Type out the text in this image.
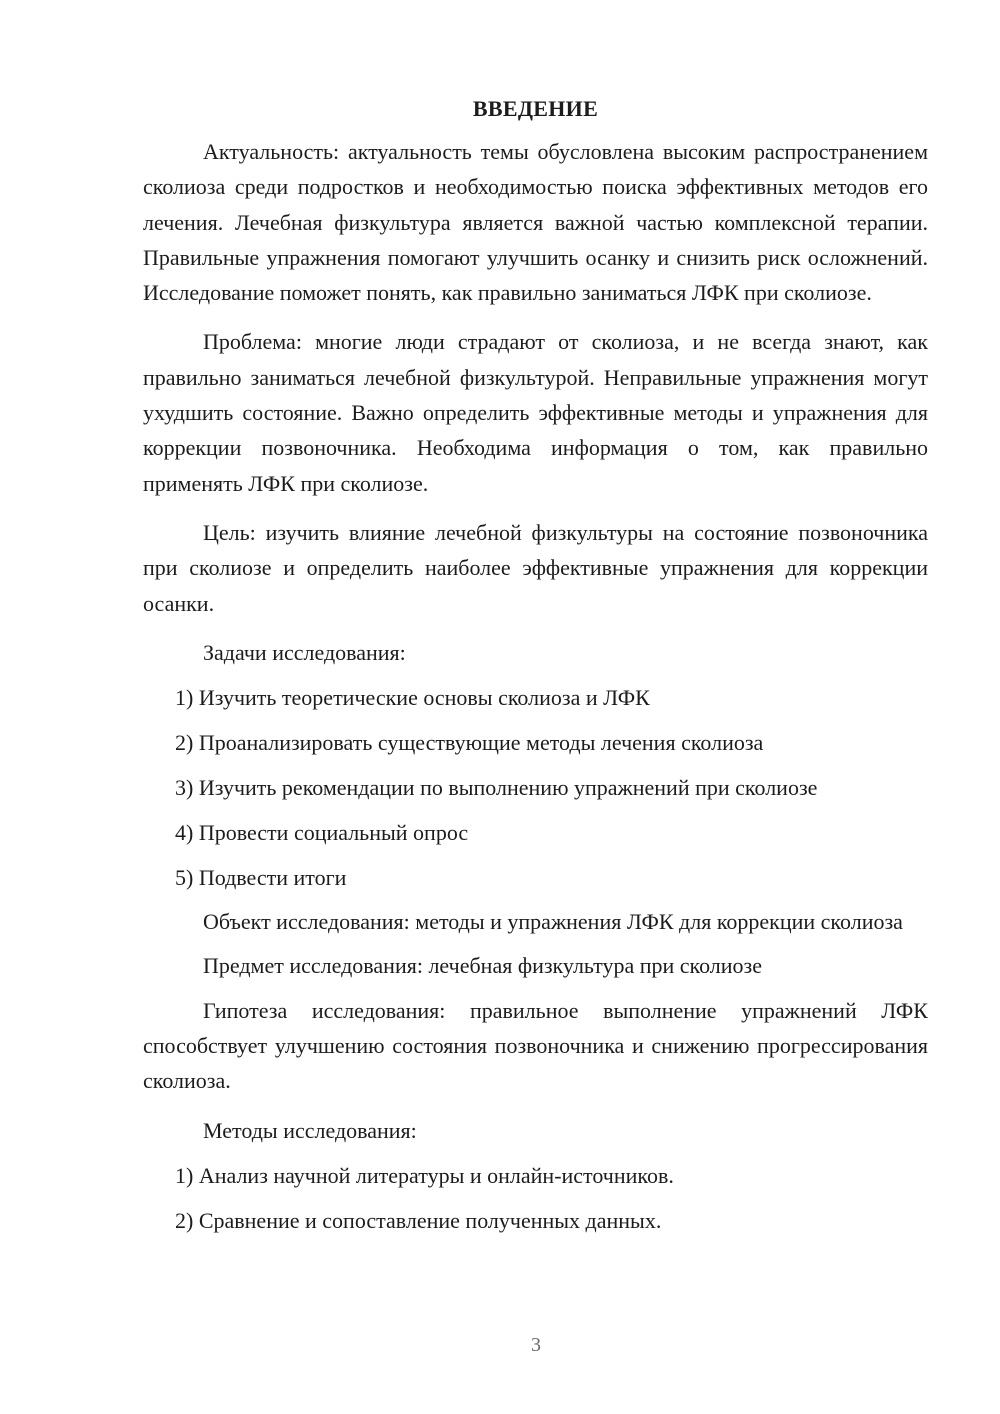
ВВЕДЕНИЕ

Актуальность: актуальность темы обусловлена высоким распространением сколиоза среди подростков и необходимостью поиска эффективных методов его лечения. Лечебная физкультура является важной частью комплексной терапии. Правильные упражнения помогают улучшить осанку и снизить риск осложнений. Исследование поможет понять, как правильно заниматься ЛФК при сколиозе.

Проблема: многие люди страдают от сколиоза, и не всегда знают, как правильно заниматься лечебной физкультурой. Неправильные упражнения могут ухудшить состояние. Важно определить эффективные методы и упражнения для коррекции позвоночника. Необходима информация о том, как правильно применять ЛФК при сколиозе.

Цель: изучить влияние лечебной физкультуры на состояние позвоночника при сколиозе и определить наиболее эффективные упражнения для коррекции осанки.

Задачи исследования:

1) Изучить теоретические основы сколиоза и ЛФК
2) Проанализировать существующие методы лечения сколиоза
3) Изучить рекомендации по выполнению упражнений при сколиозе
4) Провести социальный опрос
5) Подвести итоги

Объект исследования: методы и упражнения ЛФК для коррекции сколиоза

Предмет исследования: лечебная физкультура при сколиозе

Гипотеза исследования: правильное выполнение упражнений ЛФК способствует улучшению состояния позвоночника и снижению прогрессирования сколиоза.

Методы исследования:

1) Анализ научной литературы и онлайн-источников.
2) Сравнение и сопоставление полученных данных.
3
